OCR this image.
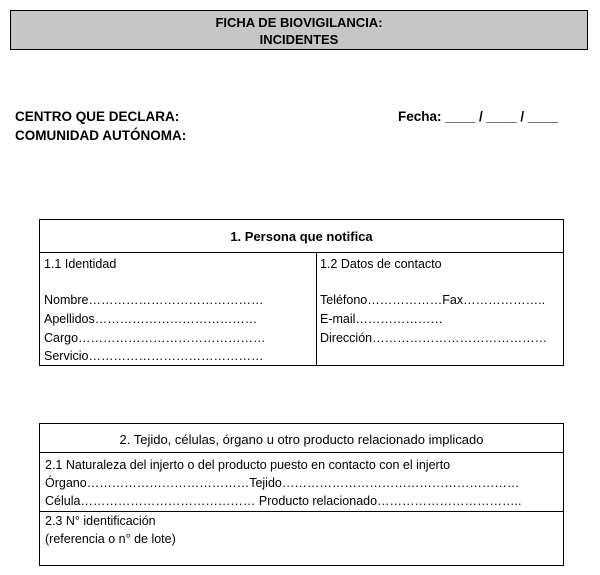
FICHA DE BIOVIGILANCIA:
INCIDENTES
CENTRO QUE DECLARA:
COMUNIDAD AUTÓNOMA:
Fecha: ____ / ____ / ____
1. Persona que notifica
1.1 Identidad
Nombre……………………………………
Apellidos…………………………………
Cargo………………………………………
Servicio……………………………………
1.2 Datos de contacto
Teléfono………………Fax………………..
E-mail…………………
Dirección……………………………………
2. Tejido, células, órgano u otro producto relacionado implicado
2.1 Naturaleza del injerto o del producto puesto en contacto con el injerto
Órgano…………………………………Tejido…………………………………………………
Célula…………………………………… Producto relacionado……………………………..
2.3 N° identificación
(referencia o n° de lote)
